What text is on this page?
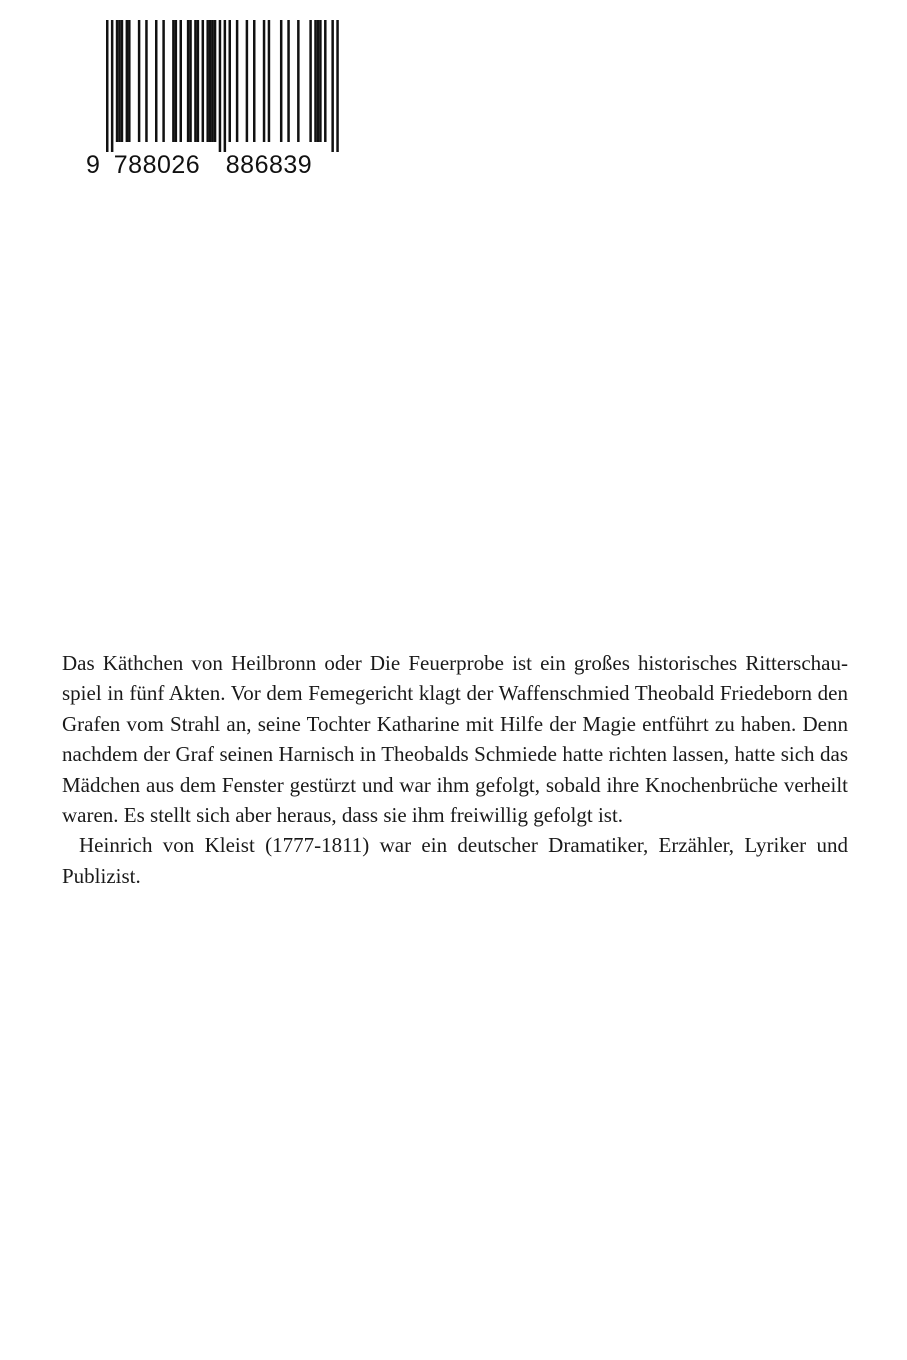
9 788026 886839

Das Käthchen von Heilbronn oder Die Feuerprobe ist ein großes historisches Ritterschauspiel in fünf Akten. Vor dem Femegericht klagt der Waffenschmied Theobald Friedeborn den Grafen vom Strahl an, seine Tochter Katharine mit Hilfe der Magie entführt zu haben. Denn nachdem der Graf seinen Harnisch in Theobalds Schmiede hatte richten lassen, hatte sich das Mädchen aus dem Fenster gestürzt und war ihm gefolgt, sobald ihre Knochenbrüche verheilt waren. Es stellt sich aber heraus, dass sie ihm freiwillig gefolgt ist.

Heinrich von Kleist (1777-1811) war ein deutscher Dramatiker, Erzähler, Lyriker und Publizist.
